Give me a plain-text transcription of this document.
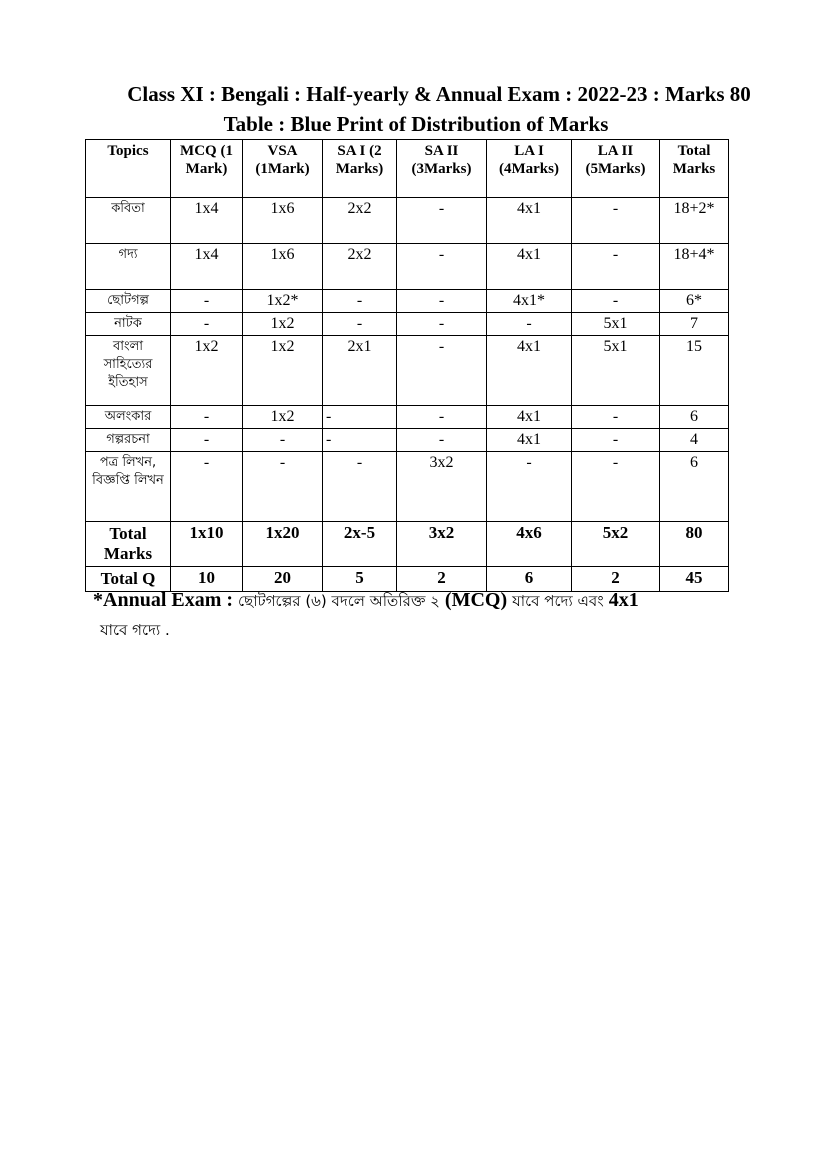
Class XI : Bengali : Half-yearly & Annual Exam : 2022-23 : Marks 80
Table : Blue Print of Distribution of Marks
Topics	MCQ (1 Mark)	VSA (1Mark)	SA I (2 Marks)	SA II (3Marks)	LA I (4Marks)	LA II (5Marks)	Total Marks
কবিতা	1x4	1x6	2x2	-	4x1	-	18+2*
গদ্য	1x4	1x6	2x2	-	4x1	-	18+4*
ছোটগল্প	-	1x2*	-	-	4x1*	-	6*
নাটক	-	1x2	-	-	-	5x1	7
বাংলা সাহিত্যের ইতিহাস	1x2	1x2	2x1	-	4x1	5x1	15
অলংকার	-	1x2	-	-	4x1	-	6
গল্পরচনা	-	-	-	-	4x1	-	4
পত্র লিখন, বিজ্ঞপ্তি লিখন	-	-	-	3x2	-	-	6
Total Marks	1x10	1x20	2x-5	3x2	4x6	5x2	80
Total Q	10	20	5	2	6	2	45
*Annual Exam : ছোটগল্পের (৬) বদলে অতিরিক্ত ২ (MCQ) যাবে পদ্যে এবং 4x1
যাবে গদ্যে .
